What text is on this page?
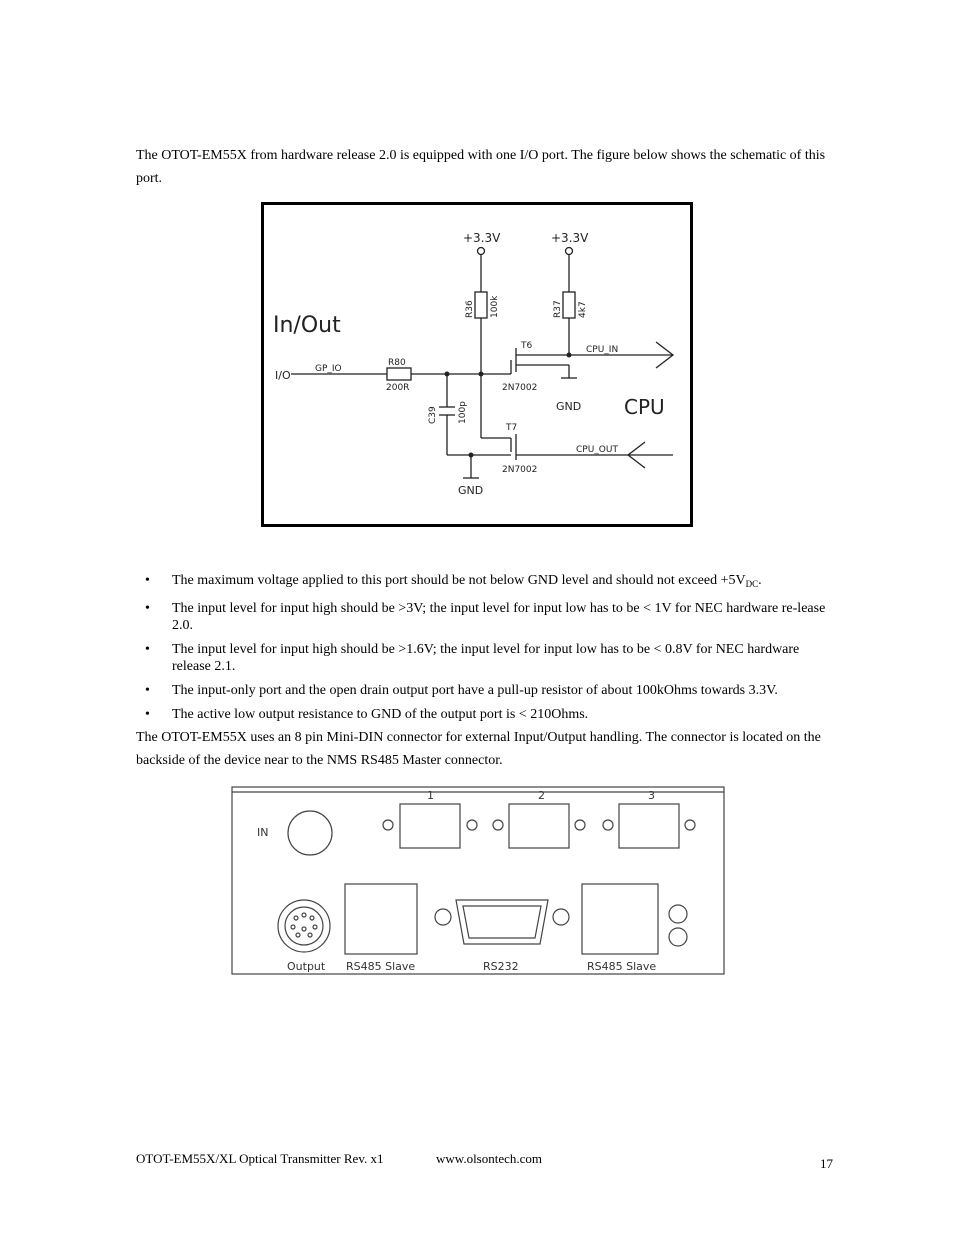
The OTOT-EM55X from hardware release 2.0 is equipped with one I/O port. The figure below shows the schematic of this port.
In/Out
CPU
+3.3V	+3.3V
R36 100k	R37 4k7
R80
200R
C39 100p
T6
2N7002
T7
2N7002
I/O	GP_IO
CPU_IN
CPU_OUT
GND
GND
• The maximum voltage applied to this port should be not below GND level and should not exceed $+5V_{DC}$.
• The input level for input high should be >3V; the input level for input low has to be < 1V for NEC hardware re-lease 2.0.
• The input level for input high should be >1.6V; the input level for input low has to be < 0.8V for NEC hardware release 2.1.
• The input-only port and the open drain output port have a pull-up resistor of about 100kOhms towards 3.3V.
• The active low output resistance to GND of the output port is < 210Ohms.
The OTOT-EM55X uses an 8 pin Mini-DIN connector for external Input/Output handling. The connector is located on the backside of the device near to the NMS RS485 Master connector.
IN
1	2	3
Output RS485 Slave	RS232	RS485 Slave
OTOT-EM55X/XL Optical Transmitter Rev. x1	www.olsontech.com	17
